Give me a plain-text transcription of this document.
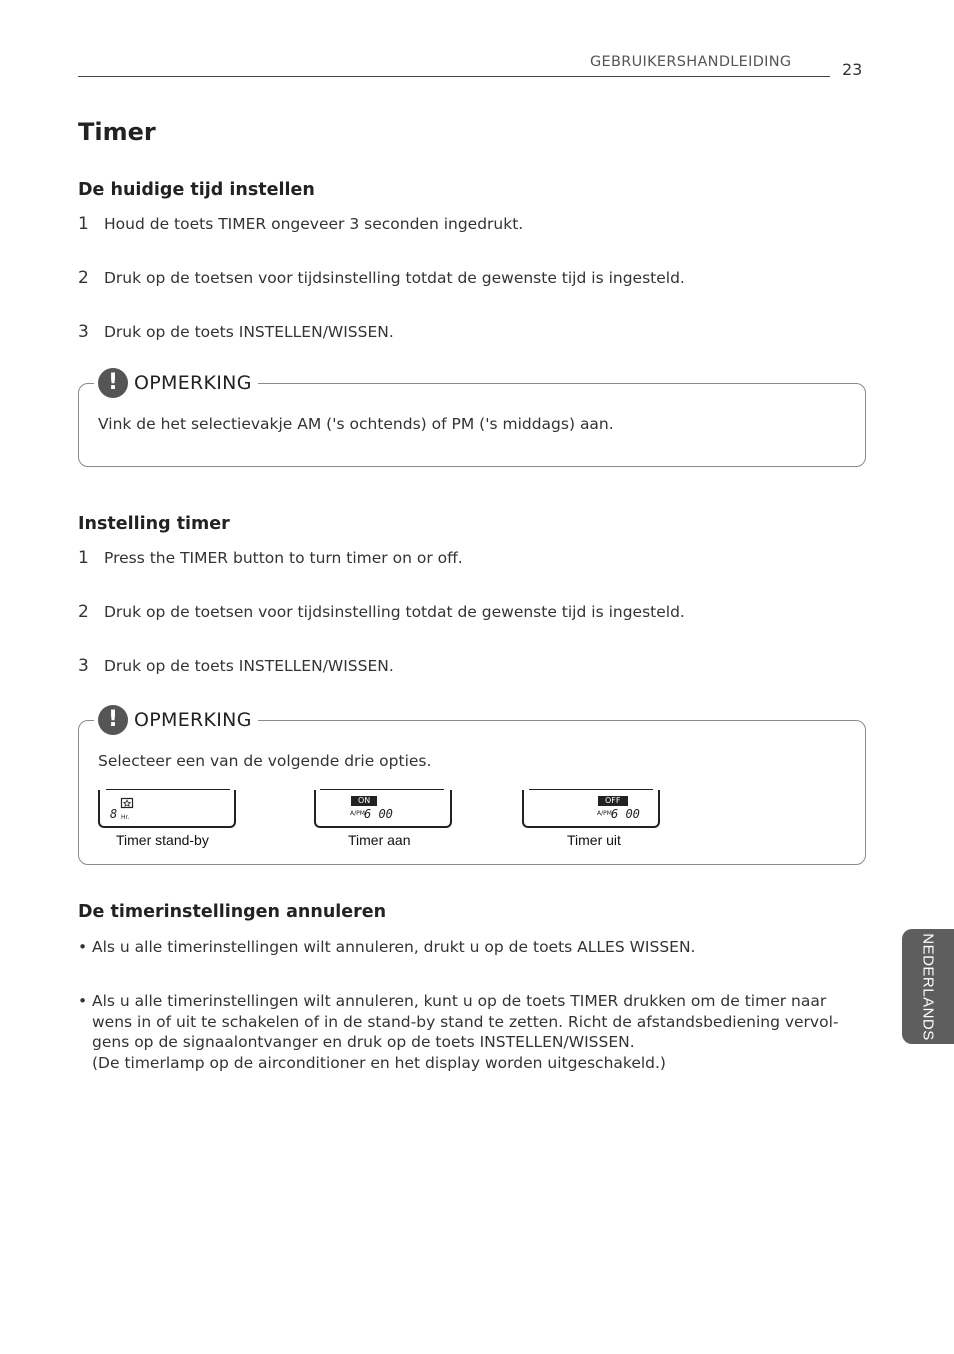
GEBRUIKERSHANDLEIDING	23
Timer
De huidige tijd instellen
1 Houd de toets TIMER ongeveer 3 seconden ingedrukt.
2 Druk op de toetsen voor tijdsinstelling totdat de gewenste tijd is ingesteld.
3 Druk op de toets INSTELLEN/WISSEN.
! OPMERKING
Vink de het selectievakje AM ('s ochtends) of PM ('s middags) aan.
Instelling timer
1 Press the TIMER button to turn timer on or off.
2 Druk op de toetsen voor tijdsinstelling totdat de gewenste tijd is ingesteld.
3 Druk op de toets INSTELLEN/WISSEN.
! OPMERKING
Selecteer een van de volgende drie opties.
8 Hr.
Timer stand-by
ON
A/PM 6 00
Timer aan
OFF
A/PM 6 00
Timer uit
De timerinstellingen annuleren
• Als u alle timerinstellingen wilt annuleren, drukt u op de toets ALLES WISSEN.
• Als u alle timerinstellingen wilt annuleren, kunt u op de toets TIMER drukken om de timer naar
wens in of uit te schakelen of in de stand-by stand te zetten. Richt de afstandsbediening vervol-
gens op de signaalontvanger en druk op de toets INSTELLEN/WISSEN.
(De timerlamp op de airconditioner en het display worden uitgeschakeld.)
NEDERLANDS
